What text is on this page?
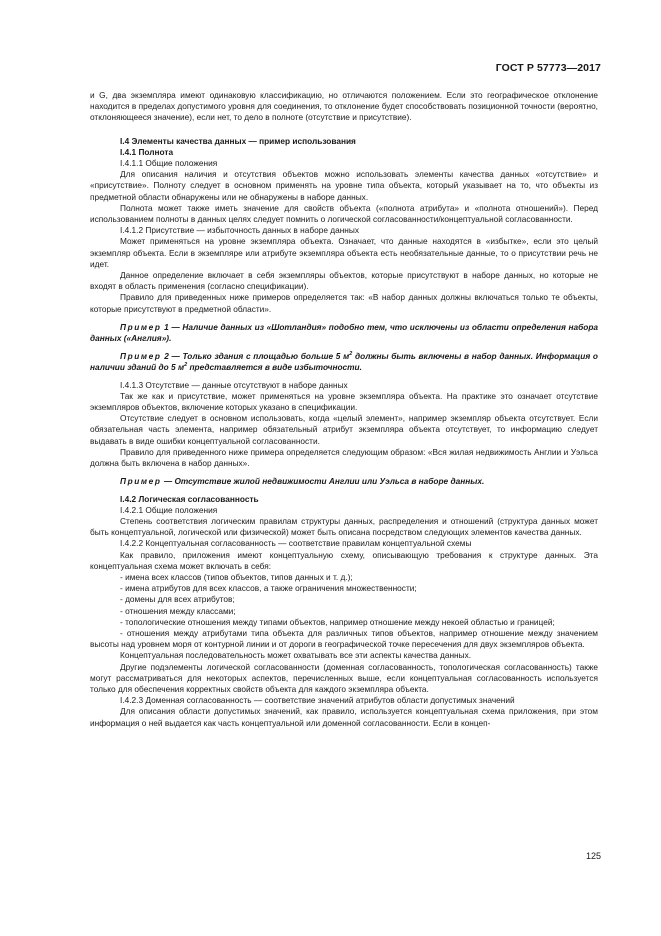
ГОСТ Р 57773—2017

и G, два экземпляра имеют одинаковую классификацию, но отличаются положением. Если это географическое отклонение находится в пределах допустимого уровня для соединения, то отклонение будет способствовать позиционной точности (вероятно, отклоняющееся значение), если нет, то дело в полноте (отсутствие и присутствие).

I.4 Элементы качества данных — пример использования

I.4.1 Полнота

I.4.1.1 Общие положения

Для описания наличия и отсутствия объектов можно использовать элементы качества данных «отсутствие» и «присутствие». Полноту следует в основном применять на уровне типа объекта, который указывает на то, что объекты из предметной области обнаружены или не обнаружены в наборе данных.

Полнота может также иметь значение для свойств объекта («полнота атрибута» и «полнота отношений»). Перед использованием полноты в данных целях следует помнить о логической согласованности/концептуальной согласованности.

I.4.1.2 Присутствие — избыточность данных в наборе данных

Может применяться на уровне экземпляра объекта. Означает, что данные находятся в «избытке», если это целый экземпляр объекта. Если в экземпляре или атрибуте экземпляра объекта есть необязательные данные, то о присутствии речь не идет.

Данное определение включает в себя экземпляры объектов, которые присутствуют в наборе данных, но которые не входят в область применения (согласно спецификации).

Правило для приведенных ниже примеров определяется так: «В набор данных должны включаться только те объекты, которые присутствуют в предметной области».

Пример 1 — Наличие данных из «Шотландия» подобно тем, что исключены из области определения набора данных («Англия»).

Пример 2 — Только здания с площадью больше 5 $м^2$ должны быть включены в набор данных. Информация о наличии зданий до 5 $м^2$ представляется в виде избыточности.

I.4.1.3 Отсутствие — данные отсутствуют в наборе данных

Так же как и присутствие, может применяться на уровне экземпляра объекта. На практике это означает отсутствие экземпляров объектов, включение которых указано в спецификации.

Отсутствие следует в основном использовать, когда «целый элемент», например экземпляр объекта отсутствует. Если обязательная часть элемента, например обязательный атрибут экземпляра объекта отсутствует, то информацию следует выдавать в виде ошибки концептуальной согласованности.

Правило для приведенного ниже примера определяется следующим образом: «Вся жилая недвижимость Англии и Уэльса должна быть включена в набор данных».

Пример — Отсутствие жилой недвижимости Англии или Уэльса в наборе данных.

I.4.2 Логическая согласованность

I.4.2.1 Общие положения

Степень соответствия логическим правилам структуры данных, распределения и отношений (структура данных может быть концептуальной, логической или физической) может быть описана посредством следующих элементов качества данных.

I.4.2.2 Концептуальная согласованность — соответствие правилам концептуальной схемы

Как правило, приложения имеют концептуальную схему, описывающую требования к структуре данных. Эта концептуальная схема может включать в себя:

- имена всех классов (типов объектов, типов данных и т. д.);

- имена атрибутов для всех классов, а также ограничения множественности;

- домены для всех атрибутов;

- отношения между классами;

- топологические отношения между типами объектов, например отношение между некоей областью и границей;

- отношения между атрибутами типа объекта для различных типов объектов, например отношение между значением высоты над уровнем моря от контурной линии и от дороги в географической точке пересечения для двух экземпляров объекта.

Концептуальная последовательность может охватывать все эти аспекты качества данных.

Другие подэлементы логической согласованности (доменная согласованность, топологическая согласованность) также могут рассматриваться для некоторых аспектов, перечисленных выше, если концептуальная согласованность используется только для обеспечения корректных свойств объекта для каждого экземпляра объекта.

I.4.2.3 Доменная согласованность — соответствие значений атрибутов области допустимых значений

Для описания области допустимых значений, как правило, используется концептуальная схема приложения, при этом информация о ней выдается как часть концептуальной или доменной согласованности. Если в концеп-

125
